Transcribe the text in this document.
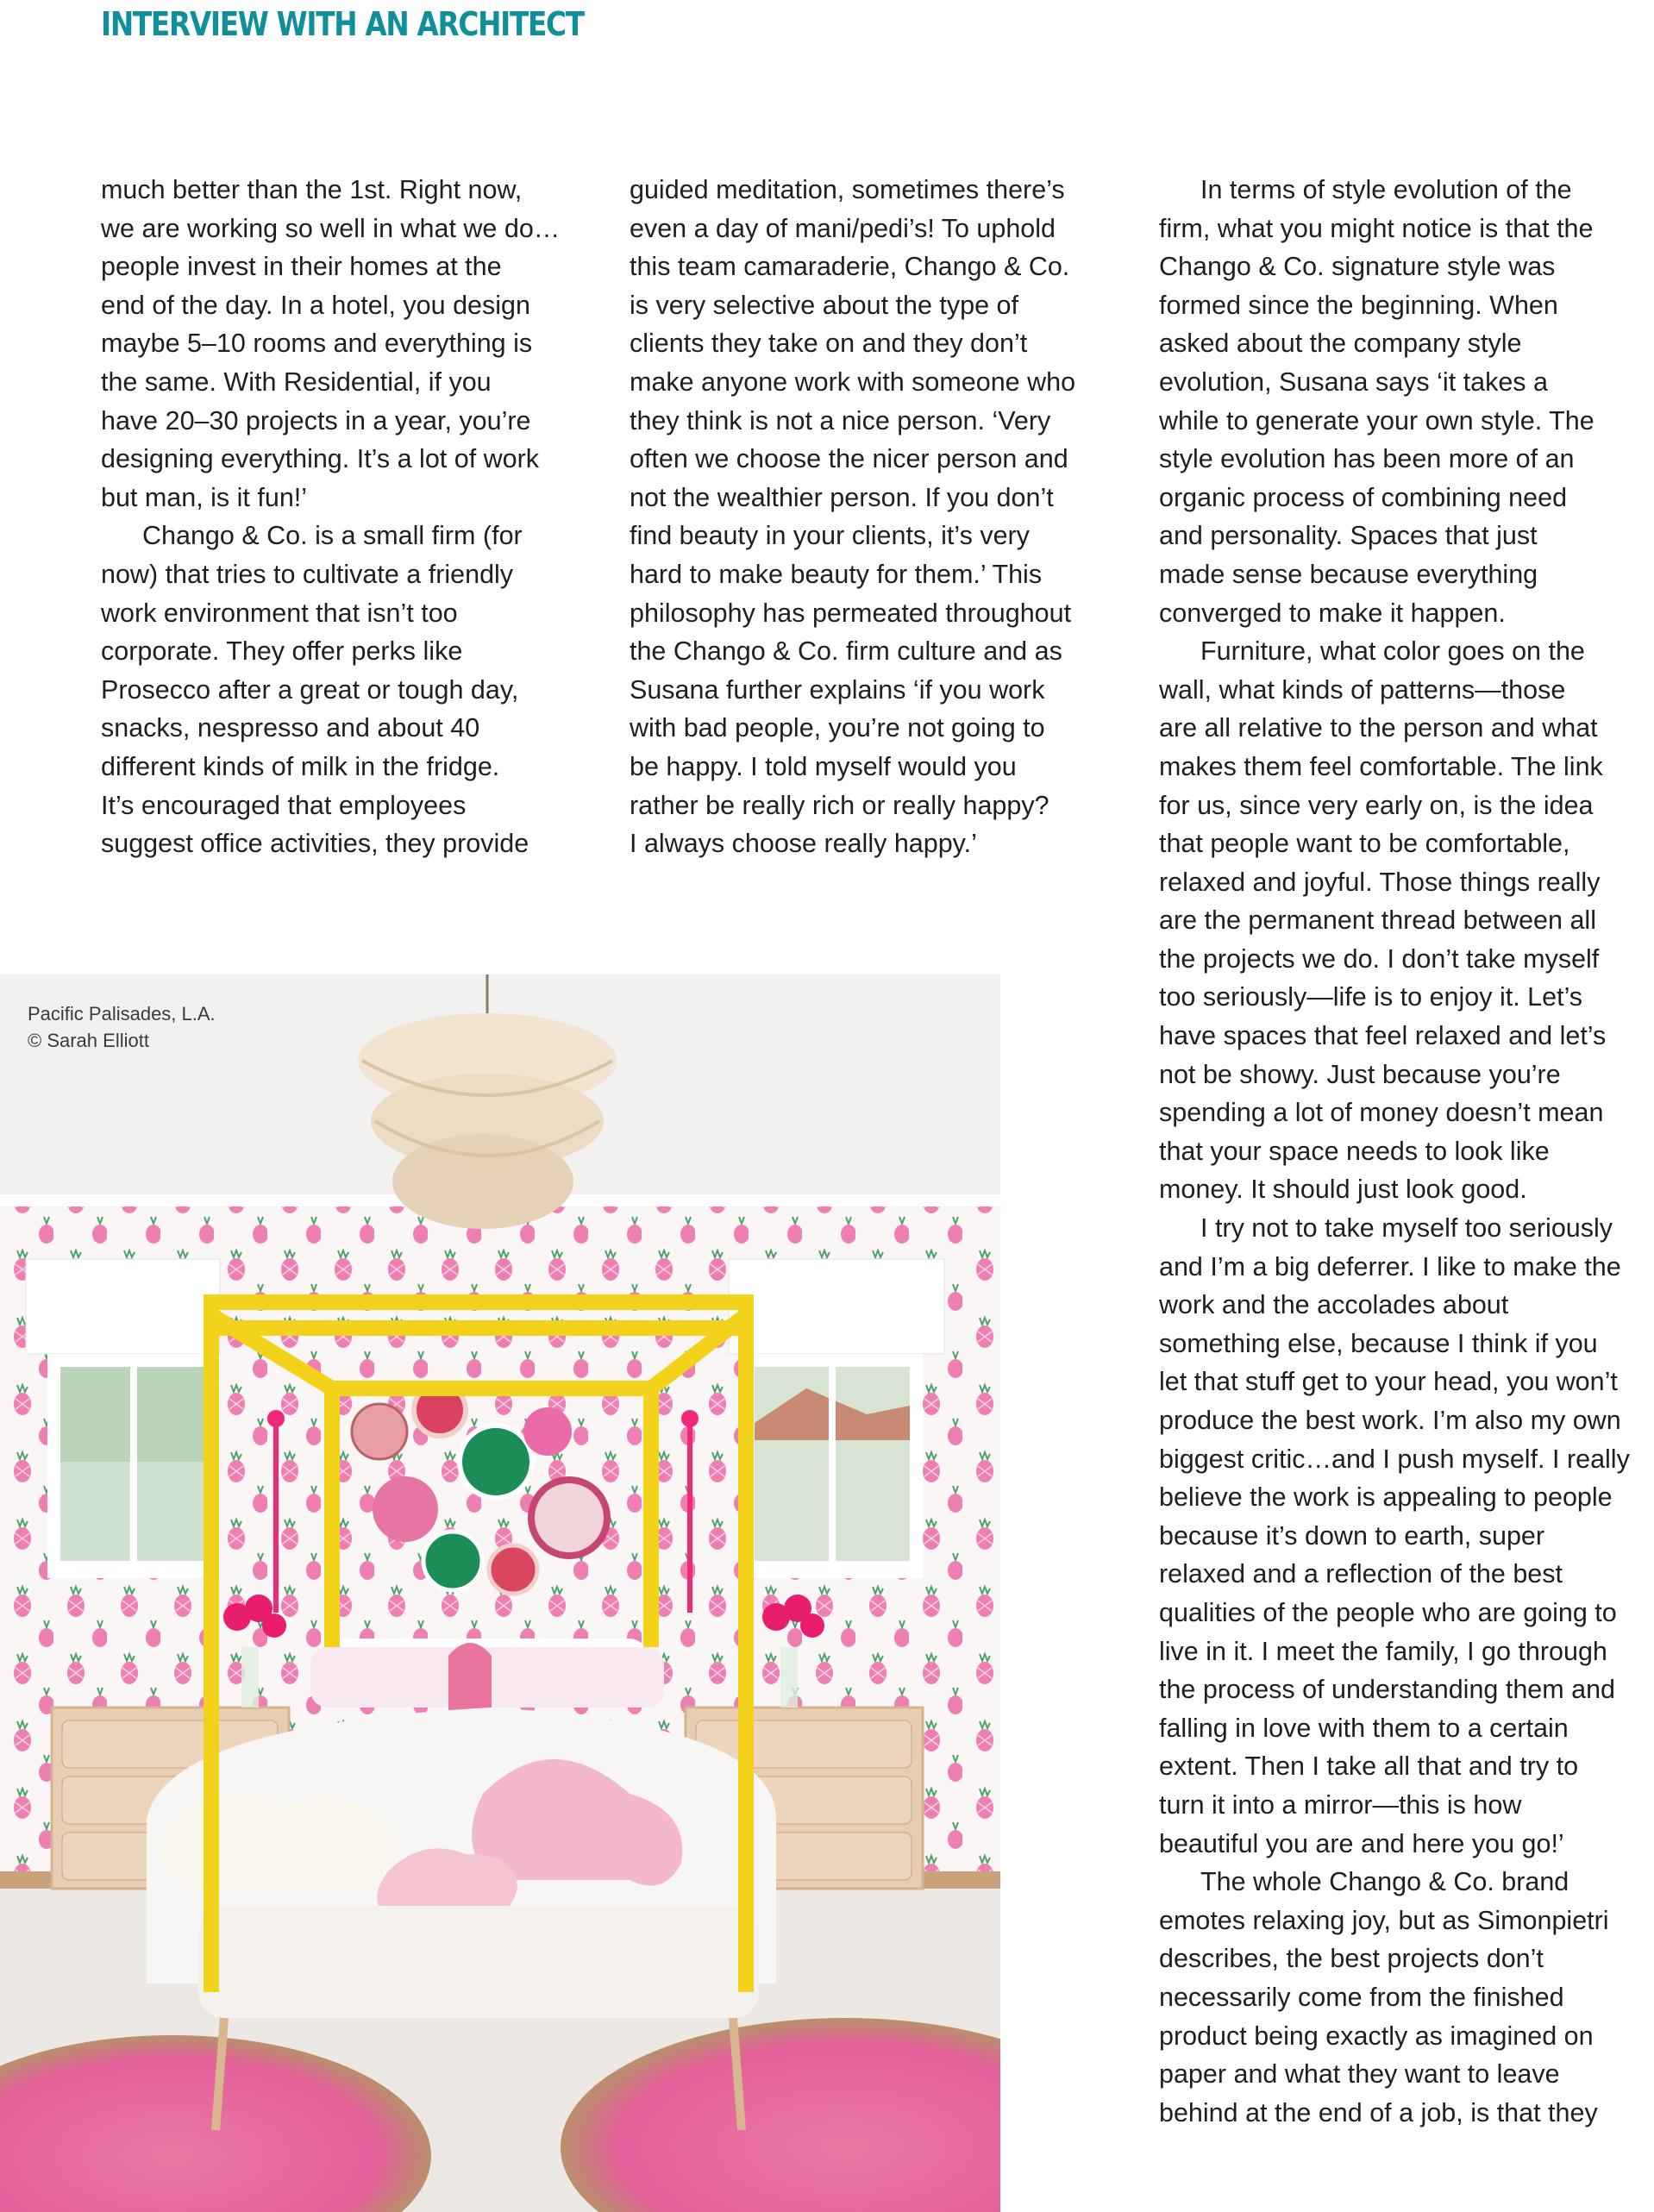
INTERVIEW WITH AN ARCHITECT

much better than the 1st. Right now,

we are working so well in what we do…

people invest in their homes at the

end of the day. In a hotel, you design

maybe 5–10 rooms and everything is

the same. With Residential, if you

have 20–30 projects in a year, you’re

designing everything. It’s a lot of work

but man, is it fun!’

Chango & Co. is a small firm (for

now) that tries to cultivate a friendly

work environment that isn’t too

corporate. They offer perks like

Prosecco after a great or tough day,

snacks, nespresso and about 40

different kinds of milk in the fridge.

It’s encouraged that employees

suggest office activities, they provide

guided meditation, sometimes there’s

even a day of mani/pedi’s! To uphold

this team camaraderie, Chango & Co.

is very selective about the type of

clients they take on and they don’t

make anyone work with someone who

they think is not a nice person. ‘Very

often we choose the nicer person and

not the wealthier person. If you don’t

find beauty in your clients, it’s very

hard to make beauty for them.’ This

philosophy has permeated throughout

the Chango & Co. firm culture and as

Susana further explains ‘if you work

with bad people, you’re not going to

be happy. I told myself would you

rather be really rich or really happy?

I always choose really happy.’

In terms of style evolution of the

firm, what you might notice is that the

Chango & Co. signature style was

formed since the beginning. When

asked about the company style

evolution, Susana says ‘it takes a

while to generate your own style. The

style evolution has been more of an

organic process of combining need

and personality. Spaces that just

made sense because everything

converged to make it happen.

Furniture, what color goes on the

wall, what kinds of patterns—those

are all relative to the person and what

makes them feel comfortable. The link

for us, since very early on, is the idea

that people want to be comfortable,

relaxed and joyful. Those things really

are the permanent thread between all

the projects we do. I don’t take myself

too seriously—life is to enjoy it. Let’s

have spaces that feel relaxed and let’s

not be showy. Just because you’re

spending a lot of money doesn’t mean

that your space needs to look like

money. It should just look good.

I try not to take myself too seriously

and I’m a big deferrer. I like to make the

work and the accolades about

something else, because I think if you

let that stuff get to your head, you won’t

produce the best work. I’m also my own

biggest critic…and I push myself. I really

believe the work is appealing to people

because it’s down to earth, super

relaxed and a reflection of the best

qualities of the people who are going to

live in it. I meet the family, I go through

the process of understanding them and

falling in love with them to a certain

extent. Then I take all that and try to

turn it into a mirror—this is how

beautiful you are and here you go!’

The whole Chango & Co. brand

emotes relaxing joy, but as Simonpietri

describes, the best projects don’t

necessarily come from the finished

product being exactly as imagined on

paper and what they want to leave

behind at the end of a job, is that they

Pacific Palisades, L.A.
© Sarah Elliott
